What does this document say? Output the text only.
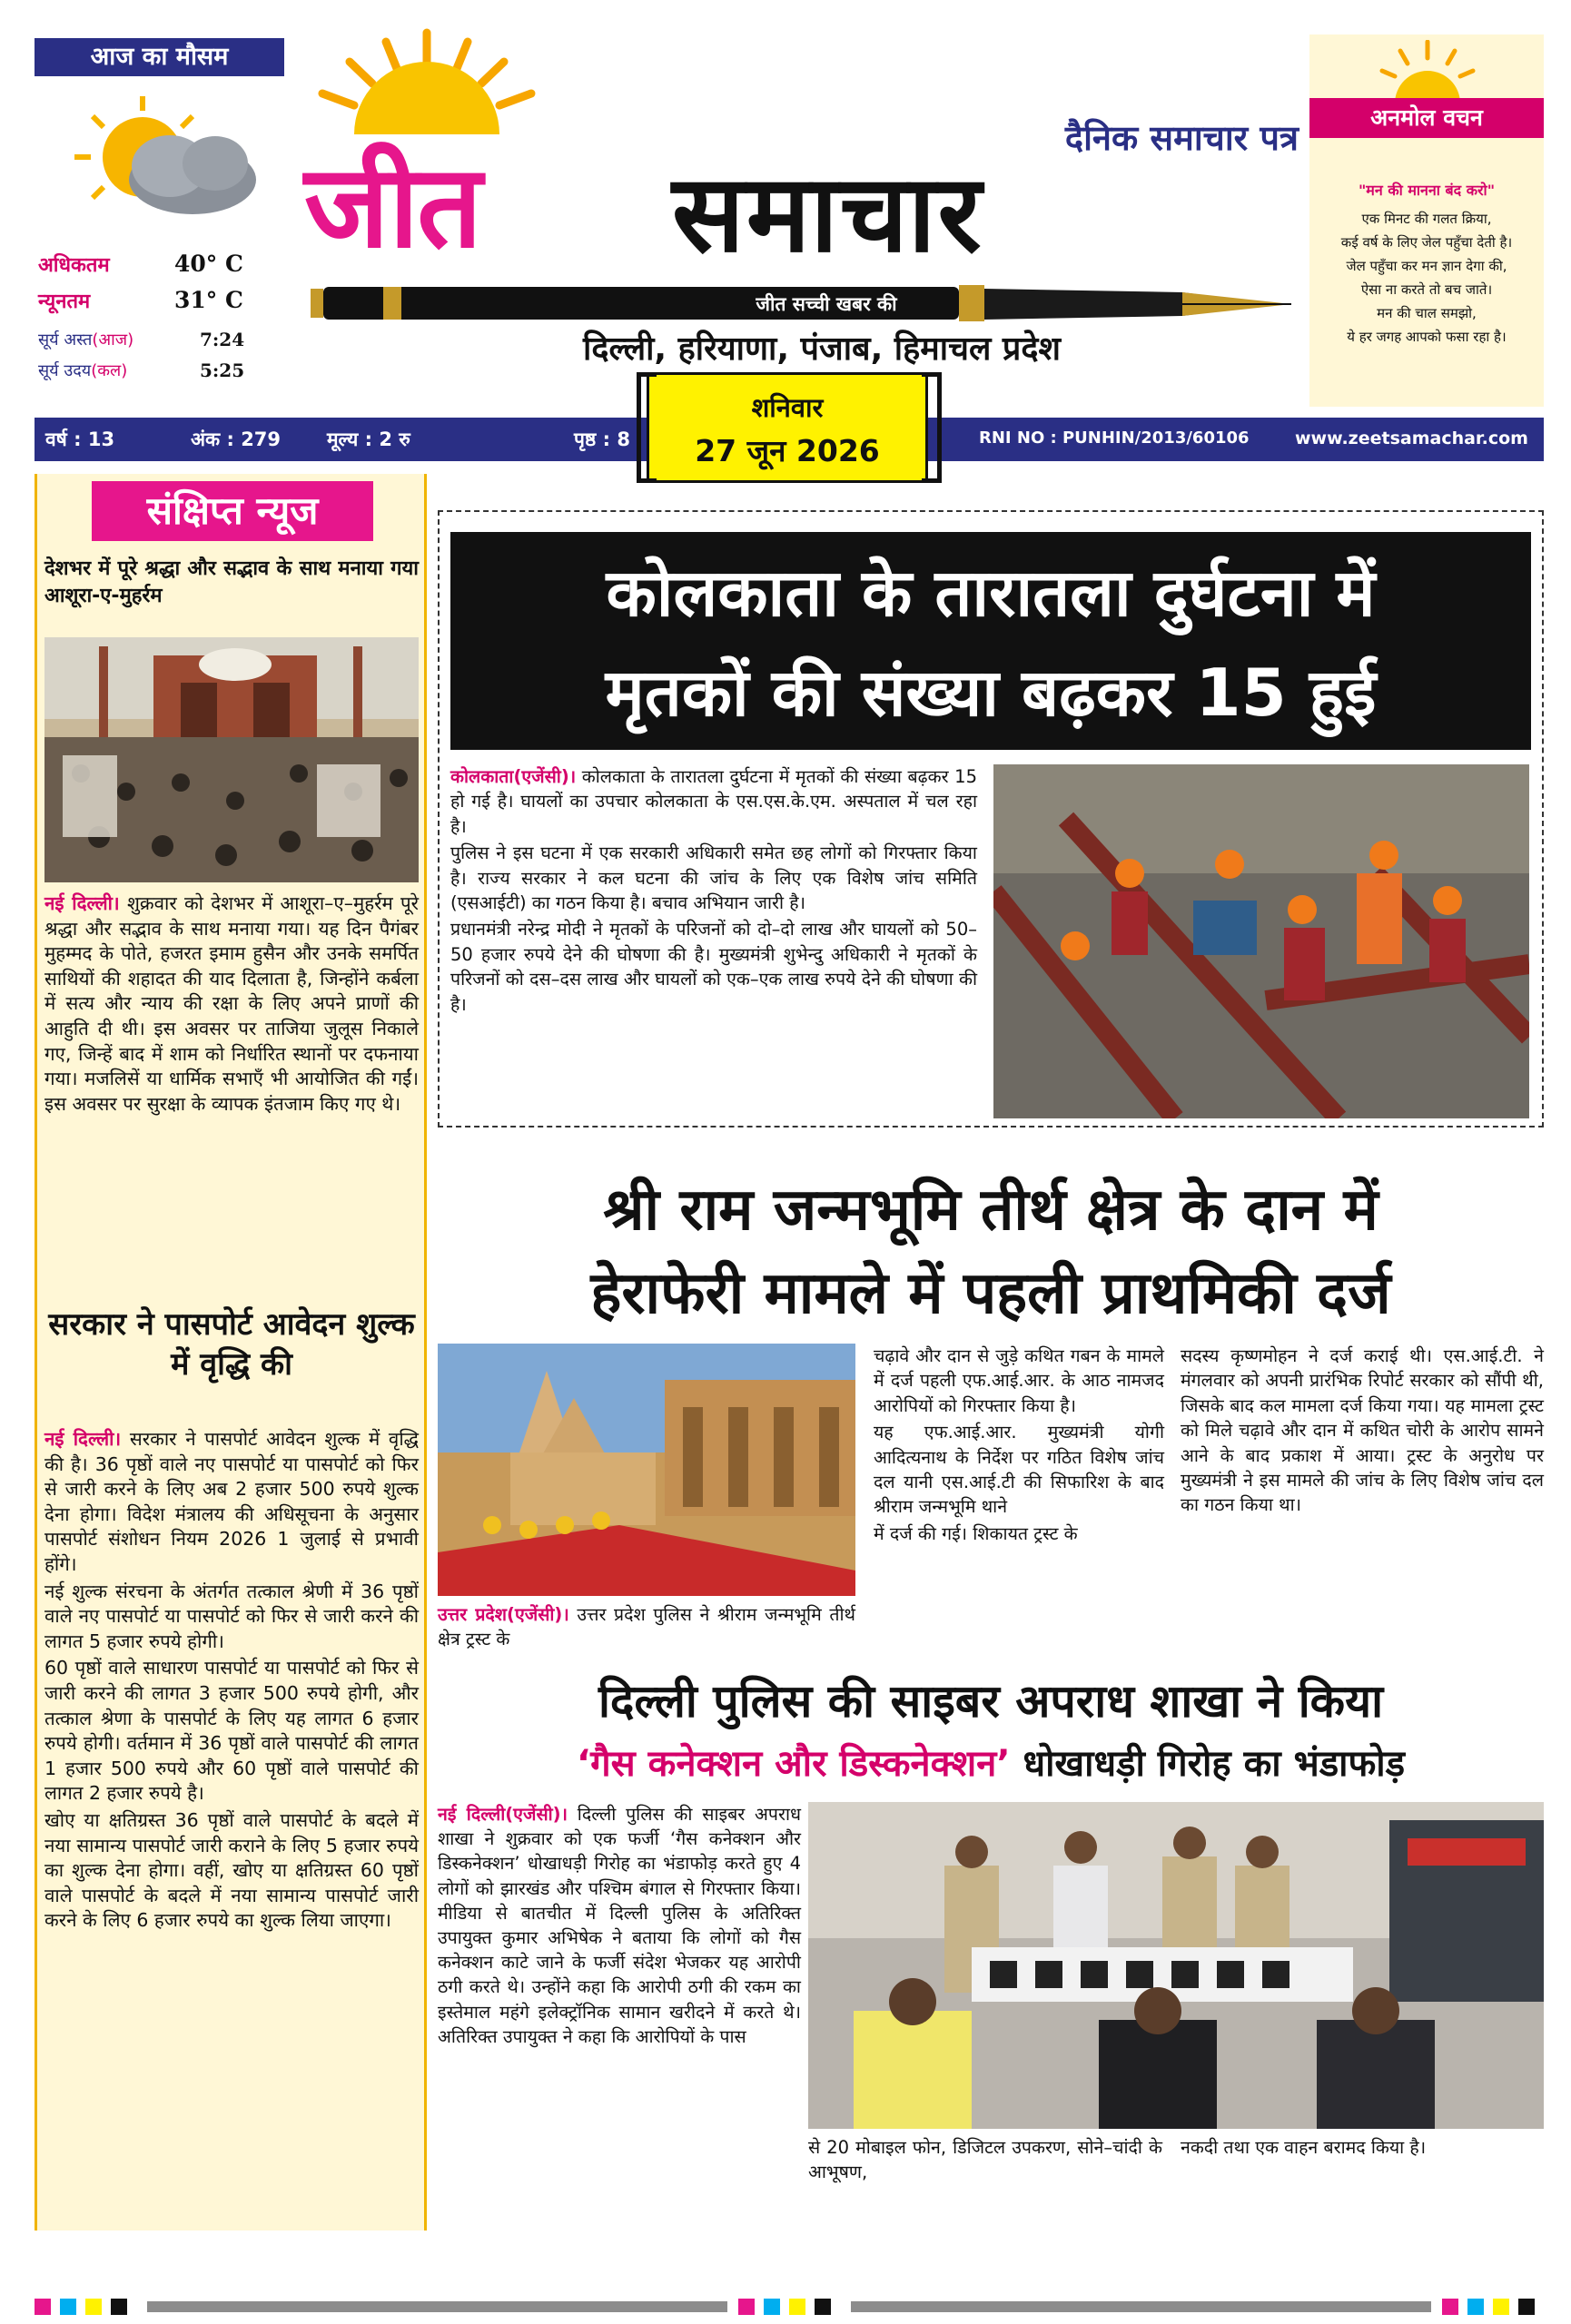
आज का मौसम
अधिकतम	40° C
न्यूनतम	31° C
सूर्य अस्त(आज)	7:24
सूर्य उदय(कल)	5:25
जीत
दैनिक समाचार पत्र
समाचार
जीत सच्ची खबर की
दिल्ली, हरियाणा, पंजाब, हिमाचल प्रदेश
अनमोल वचन
"मन की मानना बंद करो"
एक मिनट की गलत क्रिया,
कई वर्ष के लिए जेल पहुँचा देती है।
जेल पहुँचा कर मन ज्ञान देगा की,
ऐसा ना करते तो बच जाते।
मन की चाल समझो,
ये हर जगह आपको फसा रहा है।
वर्ष : 13	अंक : 279 मूल्य : 2 रु	पृष्ठ : 8	RNI NO : PUNHIN/2013/60106	www.zeetsamachar.com
शनिवार
27 जून 2026
संक्षिप्त न्यूज
देशभर में पूरे श्रद्धा और सद्भाव के साथ मनाया गया आशूरा-ए-मुहर्रम
नई दिल्ली। शुक्रवार को देशभर में आशूरा–ए–मुहर्रम पूरे श्रद्धा और सद्भाव के साथ मनाया गया। यह दिन पैगंबर मुहम्मद के पोते, हजरत इमाम हुसैन और उनके समर्पित साथियों की शहादत की याद दिलाता है, जिन्होंने कर्बला में सत्य और न्याय की रक्षा के लिए अपने प्राणों की आहुति दी थी। इस अवसर पर ताजिया जुलूस निकाले गए, जिन्हें बाद में शाम को निर्धारित स्थानों पर दफनाया गया। मजलिसें या धार्मिक सभाएँ भी आयोजित की गईं। इस अवसर पर सुरक्षा के व्यापक इंतजाम किए गए थे।
सरकार ने पासपोर्ट आवेदन शुल्क में वृद्धि की

नई दिल्ली। सरकार ने पासपोर्ट आवेदन शुल्क में वृद्धि की है। 36 पृष्ठों वाले नए पासपोर्ट या पासपोर्ट को फिर से जारी करने के लिए अब 2 हजार 500 रुपये शुल्क देना होगा। विदेश मंत्रालय की अधिसूचना के अनुसार पासपोर्ट संशोधन नियम 2026 1 जुलाई से प्रभावी होंगे।

नई शुल्क संरचना के अंतर्गत तत्काल श्रेणी में 36 पृष्ठों वाले नए पासपोर्ट या पासपोर्ट को फिर से जारी करने की लागत 5 हजार रुपये होगी।

60 पृष्ठों वाले साधारण पासपोर्ट या पासपोर्ट को फिर से जारी करने की लागत 3 हजार 500 रुपये होगी, और तत्काल श्रेणा के पासपोर्ट के लिए यह लागत 6 हजार रुपये होगी। वर्तमान में 36 पृष्ठों वाले पासपोर्ट की लागत 1 हजार 500 रुपये और 60 पृष्ठों वाले पासपोर्ट की लागत 2 हजार रुपये है।

खोए या क्षतिग्रस्त 36 पृष्ठों वाले पासपोर्ट के बदले में नया सामान्य पासपोर्ट जारी कराने के लिए 5 हजार रुपये का शुल्क देना होगा। वहीं, खोए या क्षतिग्रस्त 60 पृष्ठों वाले पासपोर्ट के बदले में नया सामान्य पासपोर्ट जारी करने के लिए 6 हजार रुपये का शुल्क लिया जाएगा।

कोलकाता के तारातला दुर्घटना में
मृतकों की संख्या बढ़कर 15 हुई

कोलकाता(एजेंसी)। कोलकाता के तारातला दुर्घटना में मृतकों की संख्या बढ़कर 15 हो गई है। घायलों का उपचार कोलकाता के एस.एस.के.एम. अस्पताल में चल रहा है।

पुलिस ने इस घटना में एक सरकारी अधिकारी समेत छह लोगों को गिरफ्तार किया है। राज्य सरकार ने कल घटना की जांच के लिए एक विशेष जांच समिति (एसआईटी) का गठन किया है। बचाव अभियान जारी है।

प्रधानमंत्री नरेन्द्र मोदी ने मृतकों के परिजनों को दो–दो लाख और घायलों को 50–50 हजार रुपये देने की घोषणा की है। मुख्यमंत्री शुभेन्दु अधिकारी ने मृतकों के परिजनों को दस–दस लाख और घायलों को एक–एक लाख रुपये देने की घोषणा की है।

श्री राम जन्मभूमि तीर्थ क्षेत्र के दान में
हेराफेरी मामले में पहली प्राथमिकी दर्ज
उत्तर प्रदेश(एजेंसी)। उत्तर प्रदेश पुलिस ने श्रीराम जन्मभूमि तीर्थ क्षेत्र ट्रस्ट के

चढ़ावे और दान से जुड़े कथित गबन के मामले में दर्ज पहली एफ.आई.आर. के आठ नामजद आरोपियों को गिरफ्तार किया है।

यह एफ.आई.आर. मुख्यमंत्री योगी आदित्यनाथ के निर्देश पर गठित विशेष जांच दल यानी एस.आई.टी की सिफारिश के बाद श्रीराम जन्मभूमि थाने

में दर्ज की गई। शिकायत ट्रस्ट के

सदस्य कृष्णमोहन ने दर्ज कराई थी। एस.आई.टी. ने मंगलवार को अपनी प्रारंभिक रिपोर्ट सरकार को सौंपी थी, जिसके बाद कल मामला दर्ज किया गया। यह मामला ट्रस्ट को मिले चढ़ावे और दान में कथित चोरी के आरोप सामने आने के बाद प्रकाश में आया। ट्रस्ट के अनुरोध पर मुख्यमंत्री ने इस मामले की जांच के लिए विशेष जांच दल का गठन किया था।

दिल्ली पुलिस की साइबर अपराध शाखा ने किया
‘गैस कनेक्शन और डिस्कनेक्शन’ धोखाधड़ी गिरोह का भंडाफोड़
नई दिल्ली(एजेंसी)। दिल्ली पुलिस की साइबर अपराध शाखा ने शुक्रवार को एक फर्जी ‘गैस कनेक्शन और डिस्कनेक्शन’ धोखाधड़ी गिरोह का भंडाफोड़ करते हुए 4 लोगों को झारखंड और पश्चिम बंगाल से गिरफ्तार किया। मीडिया से बातचीत में दिल्ली पुलिस के अतिरिक्त उपायुक्त कुमार अभिषेक ने बताया कि लोगों को गैस कनेक्शन काटे जाने के फर्जी संदेश भेजकर यह आरोपी ठगी करते थे। उन्होंने कहा कि आरोपी ठगी की रकम का इस्तेमाल महंगे इलेक्ट्रॉनिक सामान खरीदने में करते थे। अतिरिक्त उपायुक्त ने कहा कि आरोपियों के पास
से 20 मोबाइल फोन, डिजिटल उपकरण, सोने–चांदी के आभूषण,
नकदी तथा एक वाहन बरामद किया है।
